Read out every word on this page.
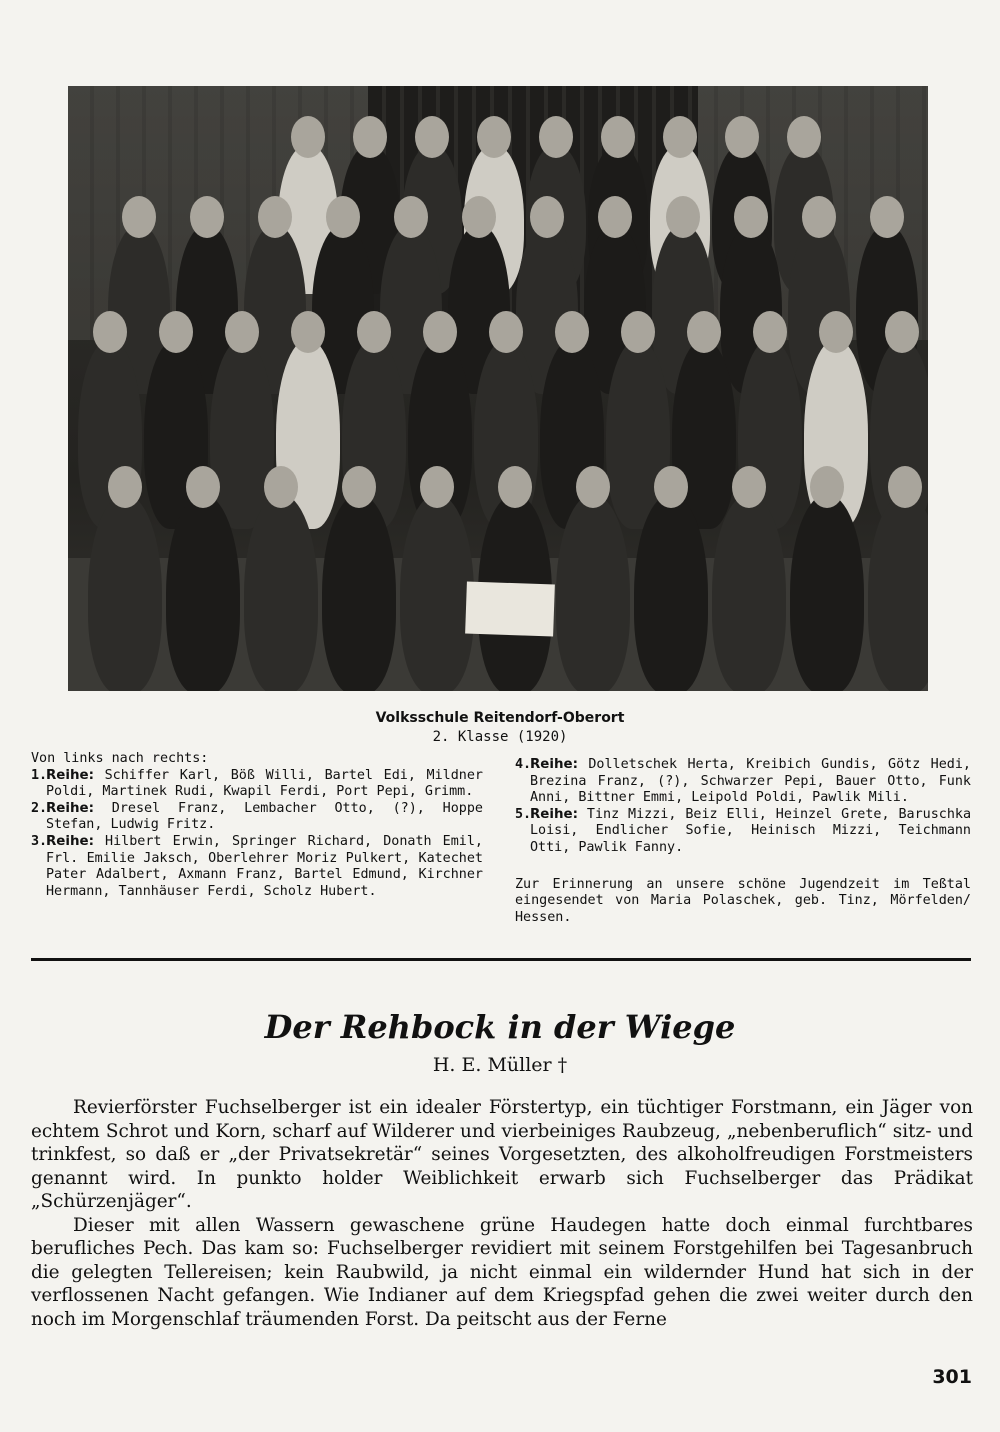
Volksschule Reitendorf-Oberort
2. Klasse (1920)
Von links nach rechts:
1.
Reihe: Schiffer Karl, Böß Willi, Bartel Edi, Mildner Poldi, Martinek Rudi, Kwapil Ferdi, Port Pepi, Grimm.
2.
Reihe: Dresel Franz, Lembacher Otto, (?), Hoppe Stefan, Ludwig Fritz.
3.
Reihe: Hilbert Erwin, Springer Richard, Donath Emil, Frl. Emilie Jaksch, Oberlehrer Moriz Pulkert, Katechet Pater Adalbert, Axmann Franz, Bartel Edmund, Kirchner Hermann, Tannhäuser Ferdi, Scholz Hubert.
4.
Reihe: Dolletschek Herta, Kreibich Gundis, Götz Hedi, Brezina Franz, (?), Schwarzer Pepi, Bauer Otto, Funk Anni, Bittner Emmi, Leipold Poldi, Pawlik Mili.
5.
Reihe: Tinz Mizzi, Beiz Elli, Heinzel Grete, Baruschka Loisi, Endlicher Sofie, Heinisch Mizzi, Teichmann Otti, Pawlik Fanny.
Zur Erinnerung an unsere schöne Jugendzeit im Teßtal eingesendet von Maria Polaschek, geb. Tinz, Mörfelden/ Hessen.
Der Rehbock in der Wiege
H. E. Müller †

Revierförster Fuchselberger ist ein idealer Förstertyp, ein tüchtiger Forstmann, ein Jäger von echtem Schrot und Korn, scharf auf Wilderer und vierbeiniges Raubzeug, „nebenberuflich“ sitz- und trinkfest, so daß er „der Privatsekretär“ seines Vorgesetzten, des alkoholfreudigen Forstmeisters genannt wird. In punkto holder Weiblichkeit erwarb sich Fuchselberger das Prädikat „Schürzenjäger“.

Dieser mit allen Wassern gewaschene grüne Haudegen hatte doch einmal furchtbares berufliches Pech. Das kam so: Fuchselberger revidiert mit seinem Forstgehilfen bei Tagesanbruch die gelegten Tellereisen; kein Raubwild, ja nicht einmal ein wildernder Hund hat sich in der verflossenen Nacht gefangen. Wie Indianer auf dem Kriegspfad gehen die zwei weiter durch den noch im Morgenschlaf träumenden Forst. Da peitscht aus der Ferne

301
